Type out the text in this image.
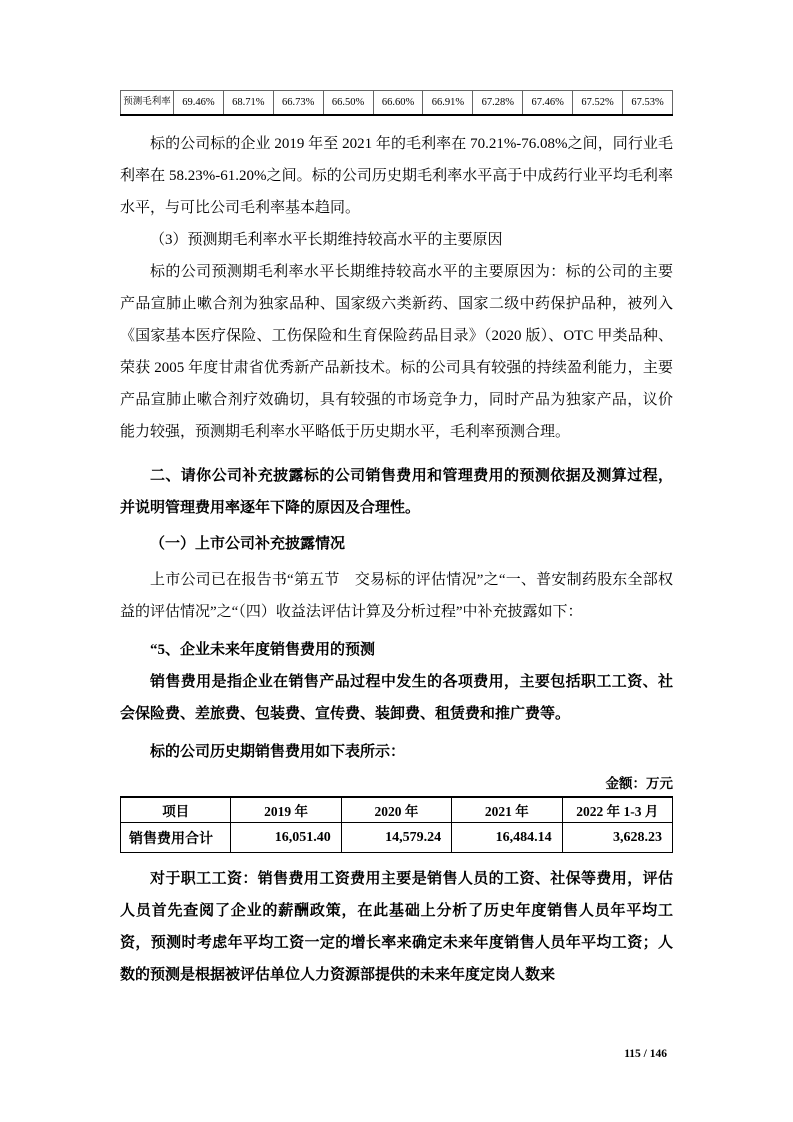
预测毛利率	69.46%	68.71%	66.73%	66.50%	66.60%	66.91%	67.28%	67.46%	67.52%	67.53%

标的公司标的企业 2019 年至 2021 年的毛利率在 70.21%-76.08%之间，同行业毛利率在 58.23%-61.20%之间。标的公司历史期毛利率水平高于中成药行业平均毛利率水平，与可比公司毛利率基本趋同。

（3）预测期毛利率水平长期维持较高水平的主要原因

标的公司预测期毛利率水平长期维持较高水平的主要原因为：标的公司的主要产品宣肺止嗽合剂为独家品种、国家级六类新药、国家二级中药保护品种，被列入《国家基本医疗保险、工伤保险和生育保险药品目录》（2020 版）、OTC 甲类品种、荣获 2005 年度甘肃省优秀新产品新技术。标的公司具有较强的持续盈利能力，主要产品宣肺止嗽合剂疗效确切，具有较强的市场竞争力，同时产品为独家产品，议价能力较强，预测期毛利率水平略低于历史期水平，毛利率预测合理。

二、请你公司补充披露标的公司销售费用和管理费用的预测依据及测算过程，并说明管理费用率逐年下降的原因及合理性。

（一）上市公司补充披露情况

上市公司已在报告书“第五节　交易标的评估情况”之“一、普安制药股东全部权益的评估情况”之“（四）收益法评估计算及分析过程”中补充披露如下：

“5、企业未来年度销售费用的预测

销售费用是指企业在销售产品过程中发生的各项费用，主要包括职工工资、社会保险费、差旅费、包装费、宣传费、装卸费、租赁费和推广费等。

标的公司历史期销售费用如下表所示：

金额：万元
项目	2019 年	2020 年	2021 年	2022 年 1-3 月
销售费用合计	16,051.40	14,579.24	16,484.14	3,628.23

对于职工工资：销售费用工资费用主要是销售人员的工资、社保等费用，评估人员首先查阅了企业的薪酬政策，在此基础上分析了历史年度销售人员年平均工资，预测时考虑年平均工资一定的增长率来确定未来年度销售人员年平均工资；人数的预测是根据被评估单位人力资源部提供的未来年度定岗人数来

115 / 146
